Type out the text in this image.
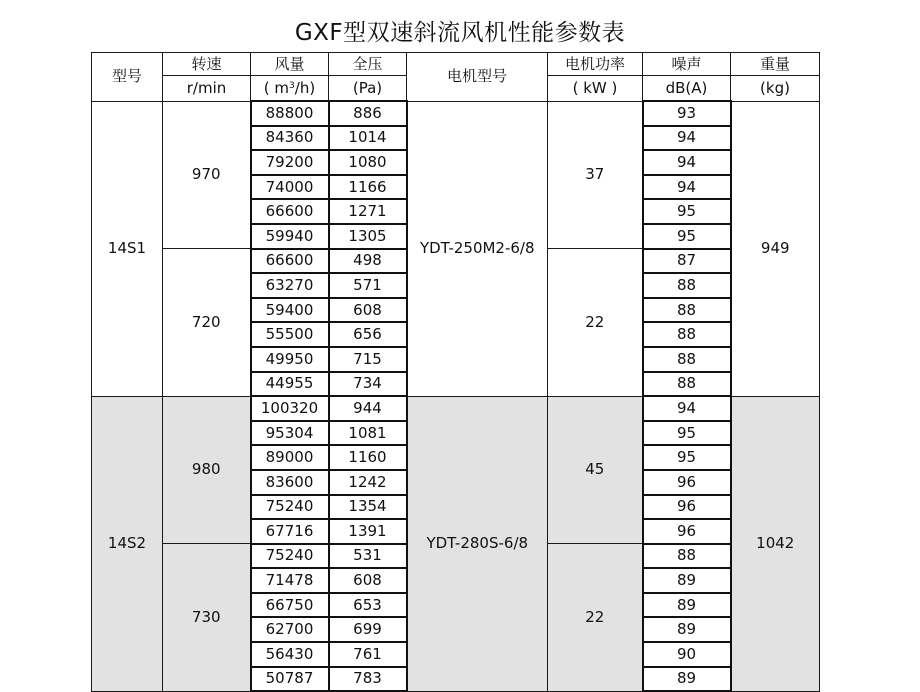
GXF型双速斜流风机性能参数表
型号	转速	风量	全压	电机型号	电机功率	噪声	重量
	r/min	( $m^3/h$)	(Pa)		( kW )	dB(A)	(kg)
14S1	970	88800	886	YDT-250M2-6/8	37	93	949
		84360	1014			94	
		79200	1080			94	
		74000	1166			94	
		66600	1271			95	
		59940	1305			95	
	720	66600	498		22	87	
		63270	571			88	
		59400	608			88	
		55500	656			88	
		49950	715			88	
		44955	734			88	
14S2	980	100320	944	YDT-280S-6/8	45	94	1042
		95304	1081			95	
		89000	1160			95	
		83600	1242			96	
		75240	1354			96	
		67716	1391			96	
	730	75240	531		22	88	
		71478	608			89	
		66750	653			89	
		62700	699			89	
		56430	761			90	
		50787	783			89	
